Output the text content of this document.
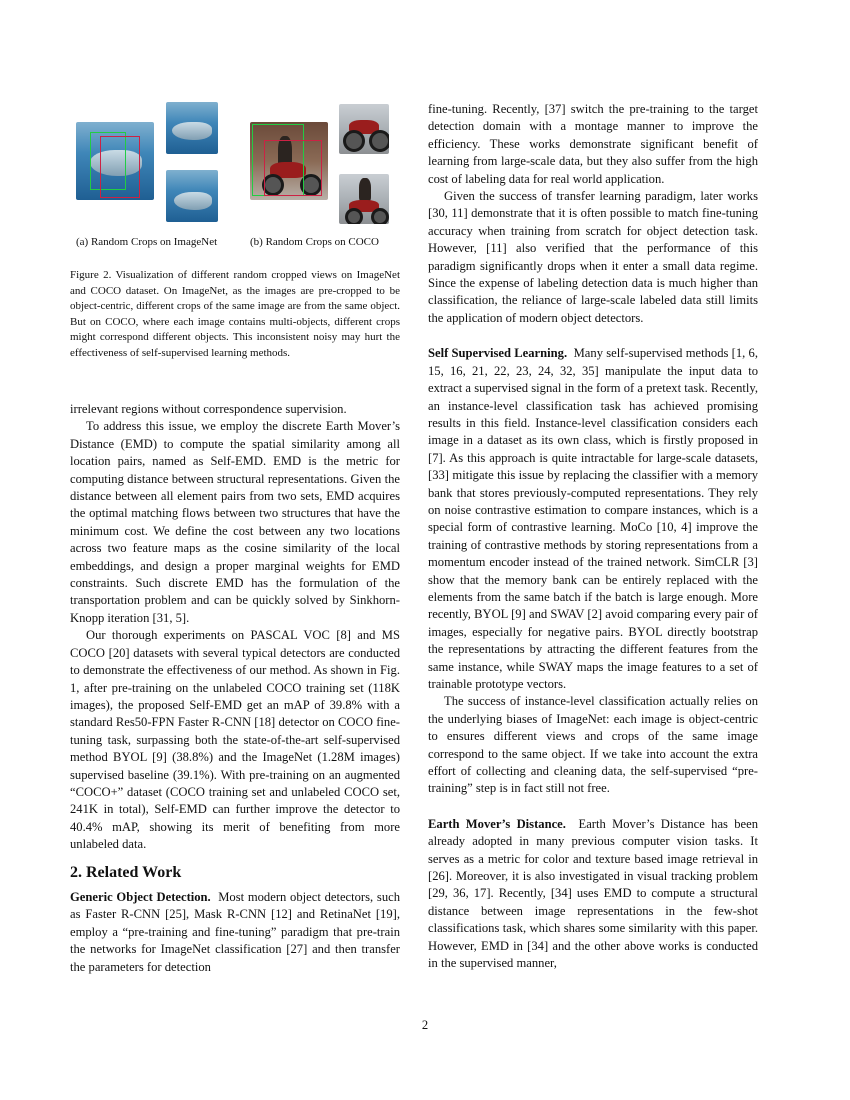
(a) Random Crops on ImageNet	(b) Random Crops on COCO
Figure 2. Visualization of different random cropped views on ImageNet and COCO dataset. On ImageNet, as the images are pre-cropped to be object-centric, different crops of the same image are from the same object. But on COCO, where each image contains multi-objects, different crops might correspond different objects. This inconsistent noisy may hurt the effectiveness of self-supervised learning methods.

irrelevant regions without correspondence supervision.

To address this issue, we employ the discrete Earth Mover’s Distance (EMD) to compute the spatial similarity among all location pairs, named as Self-EMD. EMD is the metric for computing distance between structural representations. Given the distance between all element pairs from two sets, EMD acquires the optimal matching flows between two structures that have the minimum cost. We define the cost between any two locations across two feature maps as the cosine similarity of the local embeddings, and design a proper marginal weights for EMD constraints. Such discrete EMD has the formulation of the transportation problem and can be quickly solved by Sinkhorn-Knopp iteration [31, 5].

Our thorough experiments on PASCAL VOC [8] and MS COCO [20] datasets with several typical detectors are conducted to demonstrate the effectiveness of our method. As shown in Fig. 1, after pre-training on the unlabeled COCO training set (118K images), the proposed Self-EMD get an mAP of 39.8% with a standard Res50-FPN Faster R-CNN [18] detector on COCO fine-tuning task, surpassing both the state-of-the-art self-supervised method BYOL [9] (38.8%) and the ImageNet (1.28M images) supervised baseline (39.1%). With pre-training on an augmented “COCO+” dataset (COCO training set and unlabeled COCO set, 241K in total), Self-EMD can further improve the detector to 40.4% mAP, showing its merit of benefiting from more unlabeled data.

2. Related Work

Generic Object Detection. Most modern object detectors, such as Faster R-CNN [25], Mask R-CNN [12] and RetinaNet [19], employ a “pre-training and fine-tuning” paradigm that pre-train the networks for ImageNet classification [27] and then transfer the parameters for detection

fine-tuning. Recently, [37] switch the pre-training to the target detection domain with a montage manner to improve the efficiency. These works demonstrate significant benefit of learning from large-scale data, but they also suffer from the high cost of labeling data for real world application.

Given the success of transfer learning paradigm, later works [30, 11] demonstrate that it is often possible to match fine-tuning accuracy when training from scratch for object detection task. However, [11] also verified that the performance of this paradigm significantly drops when it enter a small data regime. Since the expense of labeling detection data is much higher than classification, the reliance of large-scale labeled data still limits the application of modern object detectors.

Self Supervised Learning. Many self-supervised methods [1, 6, 15, 16, 21, 22, 23, 24, 32, 35] manipulate the input data to extract a supervised signal in the form of a pretext task. Recently, an instance-level classification task has achieved promising results in this field. Instance-level classification considers each image in a dataset as its own class, which is firstly proposed in [7]. As this approach is quite intractable for large-scale datasets, [33] mitigate this issue by replacing the classifier with a memory bank that stores previously-computed representations. They rely on noise contrastive estimation to compare instances, which is a special form of contrastive learning. MoCo [10, 4] improve the training of contrastive methods by storing representations from a momentum encoder instead of the trained network. SimCLR [3] show that the memory bank can be entirely replaced with the elements from the same batch if the batch is large enough. More recently, BYOL [9] and SWAV [2] avoid comparing every pair of images, especially for negative pairs. BYOL directly bootstrap the representations by attracting the different features from the same instance, while SWAY maps the image features to a set of trainable prototype vectors.

The success of instance-level classification actually relies on the underlying biases of ImageNet: each image is object-centric to ensures different views and crops of the same image correspond to the same object. If we take into account the extra effort of collecting and cleaning data, the self-supervised “pre-training” step is in fact still not free.

Earth Mover’s Distance. Earth Mover’s Distance has been already adopted in many previous computer vision tasks. It serves as a metric for color and texture based image retrieval in [26]. Moreover, it is also investigated in visual tracking problem [29, 36, 17]. Recently, [34] uses EMD to compute a structural distance between image representations in the few-shot classifications task, which shares some similarity with this paper. However, EMD in [34] and the other above works is conducted in the supervised manner,

2
